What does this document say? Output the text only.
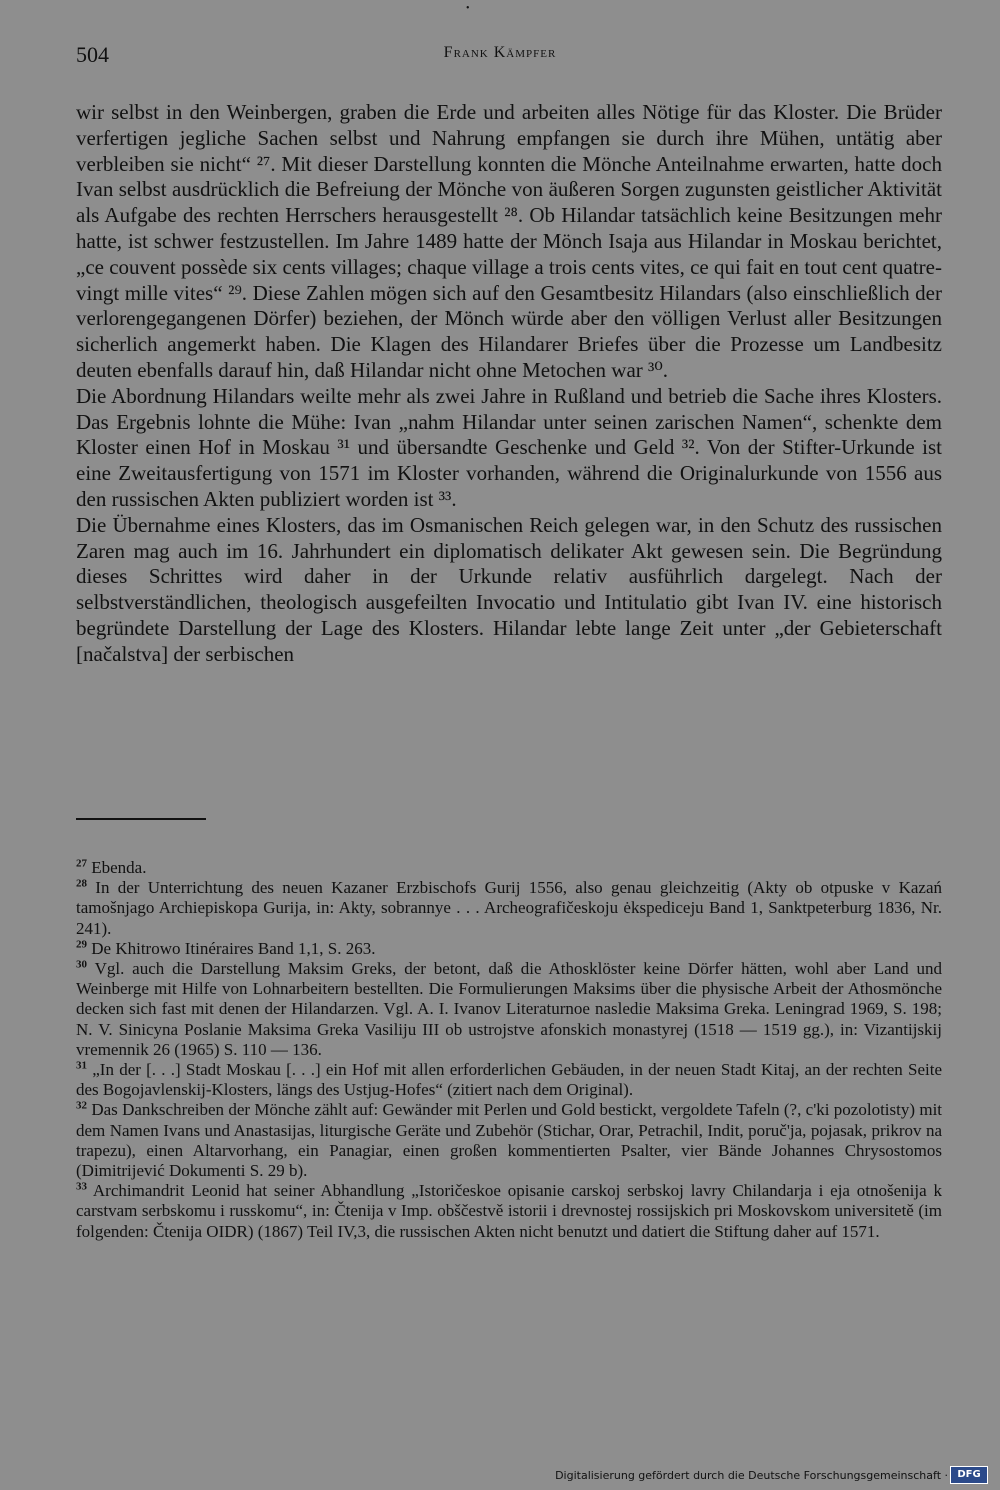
•
504	Frank Kämpfer

wir selbst in den Weinbergen, graben die Erde und arbeiten alles Nötige für das Kloster. Die Brüder verfertigen jegliche Sachen selbst und Nahrung empfangen sie durch ihre Mühen, untätig aber verbleiben sie nicht“ ²⁷. Mit dieser Darstellung konnten die Mönche Anteilnahme erwarten, hatte doch Ivan selbst ausdrücklich die Befreiung der Mönche von äußeren Sorgen zugunsten geistlicher Aktivität als Aufgabe des rechten Herrschers herausgestellt ²⁸. Ob Hilandar tatsächlich keine Besitzungen mehr hatte, ist schwer festzustellen. Im Jahre 1489 hatte der Mönch Isaja aus Hilandar in Moskau berichtet, „ce couvent possède six cents villages; chaque village a trois cents vites, ce qui fait en tout cent quatre-vingt mille vites“ ²⁹. Diese Zahlen mögen sich auf den Gesamtbesitz Hilandars (also einschließlich der verlorengegangenen Dörfer) beziehen, der Mönch würde aber den völligen Verlust aller Besitzungen sicherlich angemerkt haben. Die Klagen des Hilandarer Briefes über die Prozesse um Landbesitz deuten ebenfalls darauf hin, daß Hilandar nicht ohne Metochen war ³⁰.

Die Abordnung Hilandars weilte mehr als zwei Jahre in Rußland und betrieb die Sache ihres Klosters. Das Ergebnis lohnte die Mühe: Ivan „nahm Hilandar unter seinen zarischen Namen“, schenkte dem Kloster einen Hof in Moskau ³¹ und übersandte Geschenke und Geld ³². Von der Stifter-Urkunde ist eine Zweitausfertigung von 1571 im Kloster vorhanden, während die Originalurkunde von 1556 aus den russischen Akten publiziert worden ist ³³.

Die Übernahme eines Klosters, das im Osmanischen Reich gelegen war, in den Schutz des russischen Zaren mag auch im 16. Jahrhundert ein diplomatisch delikater Akt gewesen sein. Die Begründung dieses Schrittes wird daher in der Urkunde relativ ausführlich dargelegt. Nach der selbstverständlichen, theologisch ausgefeilten Invocatio und Intitulatio gibt Ivan IV. eine historisch begründete Darstellung der Lage des Klosters. Hilandar lebte lange Zeit unter „der Gebieterschaft [načalstva] der serbischen

$^{27}$ Ebenda.

$^{28}$ In der Unterrichtung des neuen Kazaner Erzbischofs Gurij 1556, also genau gleichzeitig (Akty ob otpuske v Kazań tamošnjago Archiepiskopa Gurija, in: Akty, sobrannye . . . Archeografičeskoju ėkspediceju Band 1, Sanktpeterburg 1836, Nr. 241).

$^{29}$ De Khitrowo Itinéraires Band 1,1, S. 263.

$^{30}$ Vgl. auch die Darstellung Maksim Greks, der betont, daß die Athosklöster keine Dörfer hätten, wohl aber Land und Weinberge mit Hilfe von Lohnarbeitern bestellten. Die Formulierungen Maksims über die physische Arbeit der Athosmönche decken sich fast mit denen der Hilandarzen. Vgl. A. I. Ivanov Literaturnoe nasledie Maksima Greka. Leningrad 1969, S. 198; N. V. Sinicyna Poslanie Maksima Greka Vasiliju III ob ustrojstve afonskich monastyrej (1518 — 1519 gg.), in: Vizantijskij vremennik 26 (1965) S. 110 — 136.

$^{31}$ „In der [. . .] Stadt Moskau [. . .] ein Hof mit allen erforderlichen Gebäuden, in der neuen Stadt Kitaj, an der rechten Seite des Bogojavlenskij-Klosters, längs des Ustjug-Hofes“ (zitiert nach dem Original).

$^{32}$ Das Dankschreiben der Mönche zählt auf: Gewänder mit Perlen und Gold bestickt, vergoldete Tafeln (?, c'ki pozolotisty) mit dem Namen Ivans und Anastasijas, liturgische Geräte und Zubehör (Stichar, Orar, Petrachil, Indit, poruč'ja, pojasak, prikrov na trapezu), einen Altarvorhang, ein Panagiar, einen großen kommentierten Psalter, vier Bände Johannes Chrysostomos (Dimitrijević Dokumenti S. 29 b).

$^{33}$ Archimandrit Leonid hat seiner Abhandlung „Istoričeskoe opisanie carskoj serbskoj lavry Chilandarja i eja otnošenija k carstvam serbskomu i russkomu“, in: Čtenija v Imp. obščestvě istorii i drevnostej rossijskich pri Moskovskom universitetě (im folgenden: Čtenija OIDR) (1867) Teil IV,3, die russischen Akten nicht benutzt und datiert die Stiftung daher auf 1571.

Digitalisierung gefördert durch die Deutsche Forschungsgemeinschaft · DFG
